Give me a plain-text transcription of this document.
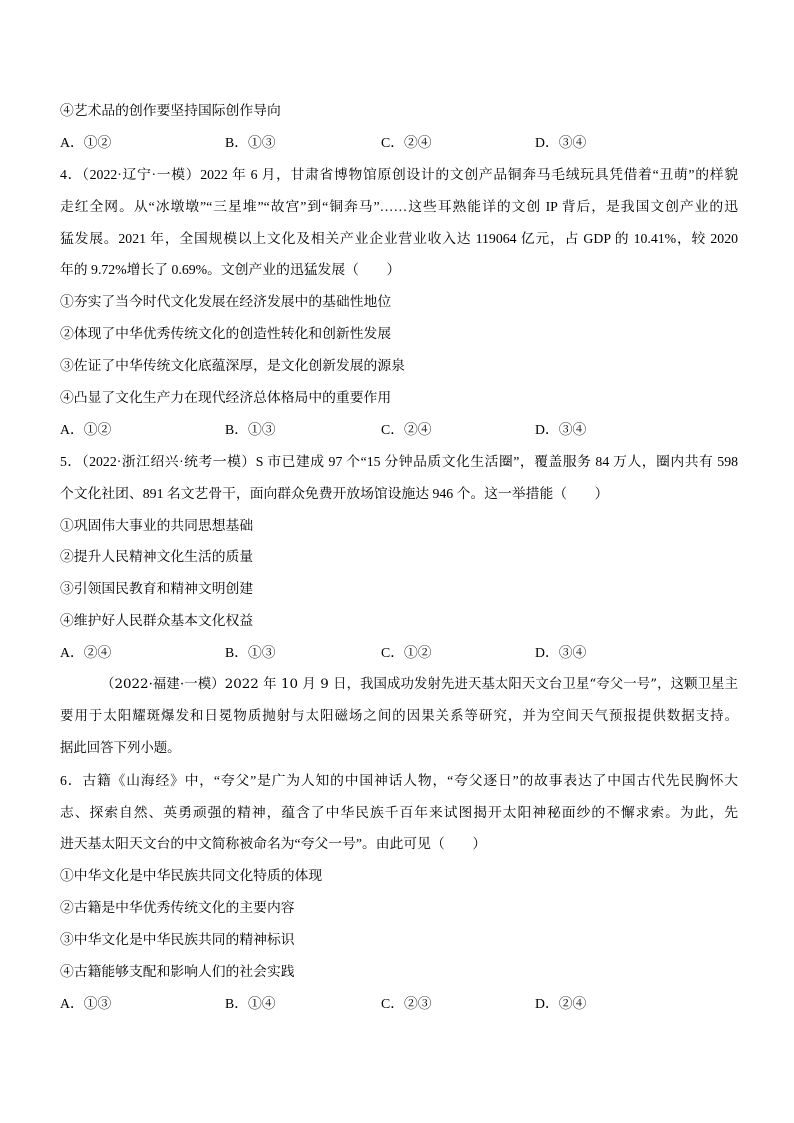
④艺术品的创作要坚持国际创作导向
A．①②	B．①③	C．②④	D．③④
4．（2022·辽宁·一模）2022 年 6 月，甘肃省博物馆原创设计的文创产品铜奔马毛绒玩具凭借着“丑萌”的样貌
走红全网。从“冰墩墩”“三星堆”“故宫”到“铜奔马”……这些耳熟能详的文创 IP 背后，是我国文创产业的迅
猛发展。2021 年，全国规模以上文化及相关产业企业营业收入达 119064 亿元，占 GDP 的 10.41%，较 2020
年的 9.72%增长了 0.69%。文创产业的迅猛发展（　　）
①夯实了当今时代文化发展在经济发展中的基础性地位
②体现了中华优秀传统文化的创造性转化和创新性发展
③佐证了中华传统文化底蕴深厚，是文化创新发展的源泉
④凸显了文化生产力在现代经济总体格局中的重要作用
A．①②	B．①③	C．②④	D．③④
5．（2022·浙江绍兴·统考一模）S 市已建成 97 个“15 分钟品质文化生活圈”，覆盖服务 84 万人，圈内共有 598
个文化社团、891 名文艺骨干，面向群众免费开放场馆设施达 946 个。这一举措能（　　）
①巩固伟大事业的共同思想基础
②提升人民精神文化生活的质量
③引领国民教育和精神文明创建
④维护好人民群众基本文化权益
A．②④	B．①③	C．①②	D．③④
（2022·福建·一模）2022 年 10 月 9 日，我国成功发射先进天基太阳天文台卫星“夸父一号”，这颗卫星主
要用于太阳耀斑爆发和日冕物质抛射与太阳磁场之间的因果关系等研究，并为空间天气预报提供数据支持。
据此回答下列小题。
6．古籍《山海经》中，“夸父”是广为人知的中国神话人物，“夸父逐日”的故事表达了中国古代先民胸怀大
志、探索自然、英勇顽强的精神，蕴含了中华民族千百年来试图揭开太阳神秘面纱的不懈求索。为此，先
进天基太阳天文台的中文简称被命名为“夸父一号”。由此可见（　　）
①中华文化是中华民族共同文化特质的体现
②古籍是中华优秀传统文化的主要内容
③中华文化是中华民族共同的精神标识
④古籍能够支配和影响人们的社会实践
A．①③	B．①④	C．②③	D．②④
